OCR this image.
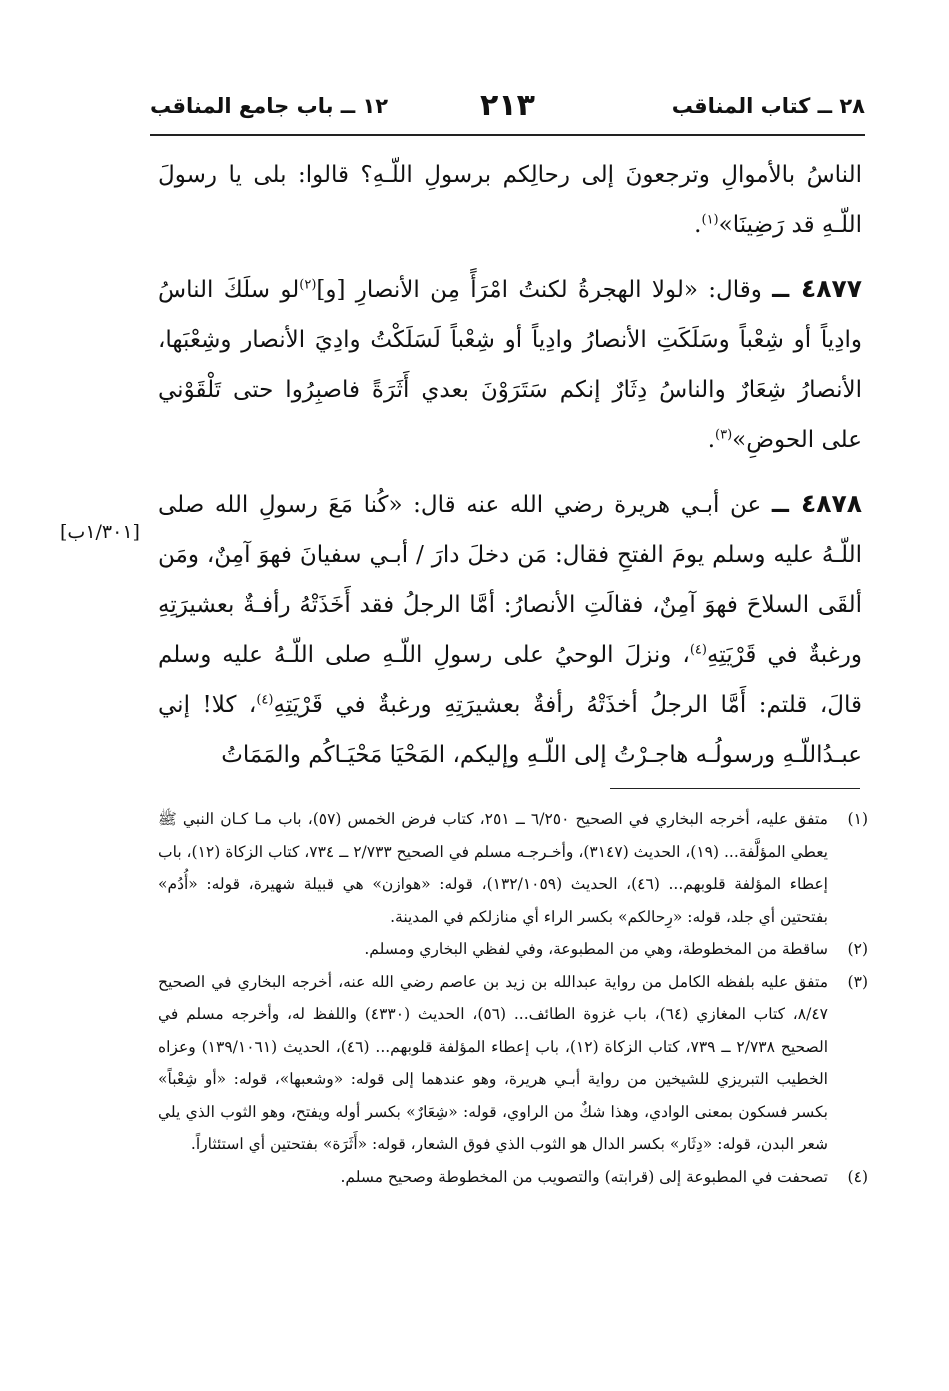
٢٨ ــ كتاب المناقب
٢١٣
١٢ ــ باب جامع المناقب
[١/٣٠١ب]

الناسُ بالأموالِ وترجعونَ إلى رحالِكم برسولِ اللّـهِ؟ قالوا: بلى يا رسولَ اللّـهِ قد رَضِينَا»$^{(١)}$.

٤٨٧٧ ــ وقال: «لولا الهجرةُ لكنتُ امْرَأً مِن الأنصارِ [و]$^{(٢)}$لو سلَكَ الناسُ وادِياً أو شِعْباً وسَلَكَتِ الأنصارُ وادِياً أو شِعْباً لَسَلَكْتُ وادِيَ الأنصار وشِعْبَها، الأنصارُ شِعَارٌ والناسُ دِثَارٌ إنكم سَتَرَوْنَ بعدي أَثَرَةً فاصبِرُوا حتى تَلْقَوْني على الحوضِ»$^{(٣)}$.

٤٨٧٨ ــ عن أبـي هريرة رضي الله عنه قال: «كُنا مَعَ رسولِ الله صلى اللّـهُ عليه وسلم يومَ الفتحِ فقال: مَن دخلَ دارَ / أبـي سفيانَ فهوَ آمِنٌ، ومَن ألقَى السلاحَ فهوَ آمِنٌ، فقالَتِ الأنصارُ: أمَّا الرجلُ فقد أَخَذَتْهُ رأفـةٌ بعشيرَتِهِ ورغبةٌ في قَرْيَتِهِ$^{(٤)}$، ونزلَ الوحيُ على رسولِ اللّـهِ صلى اللّـهُ عليه وسلم قالَ، قلتم: أَمَّا الرجلُ أخذَتْهُ رأفةٌ بعشيرَتِهِ ورغبةٌ في قَرْيَتِهِ$^{(٤)}$، كلا! إني عبـدُاللّـهِ ورسولُـه هاجـرْتُ إلى اللّـهِ وإليكم، المَحْيَا مَحْيَـاكُم والمَمَاتُ

(١)
متفق عليه، أخرجه البخاري في الصحيح ٦/٢٥٠ ــ ٢٥١، كتاب فرض الخمس (٥٧)، باب مـا كـان النبي ﷺ يعطي المؤلَّفة... (١٩)، الحديث (٣١٤٧)، وأخـرجـه مسلم في الصحيح ٢/٧٣٣ ــ ٧٣٤، كتاب الزكاة (١٢)، باب إعطاء المؤلفة قلوبهم... (٤٦)، الحديث (١٣٢/١٠٥٩)، قوله: «هوازن» هي قبيلة شهيرة، قوله: «أُدُم» بفتحتين أي جلد، قوله: «رِحالكم» بكسر الراء أي منازلكم في المدينة.

(٢)
ساقطة من المخطوطة، وهي من المطبوعة، وفي لفظي البخاري ومسلم.

(٣)
متفق عليه بلفظه الكامل من رواية عبدالله بن زيد بن عاصم رضي الله عنه، أخرجه البخاري في الصحيح ٨/٤٧، كتاب المغازي (٦٤)، باب غزوة الطائف... (٥٦)، الحديث (٤٣٣٠) واللفظ له، وأخرجه مسلم في الصحيح ٢/٧٣٨ ــ ٧٣٩، كتاب الزكاة (١٢)، باب إعطاء المؤلفة قلوبهم... (٤٦)، الحديث (١٣٩/١٠٦١) وعزاه الخطيب التبريزي للشيخين من رواية أبـي هريرة، وهو عندهما إلى قوله: «وشعبها»، قوله: «أو شِعْباً» بكسر فسكون بمعنى الوادي، وهذا شكٌ من الراوي، قوله: «شِعَارٌ» بكسر أوله ويفتح، وهو الثوب الذي يلي شعر البدن، قوله: «دِثَار» بكسر الدال هو الثوب الذي فوق الشعار، قوله: «أَثَرَة» بفتحتين أي استئثاراً.

(٤)
تصحفت في المطبوعة إلى (قرابته) والتصويب من المخطوطة وصحيح مسلم.
